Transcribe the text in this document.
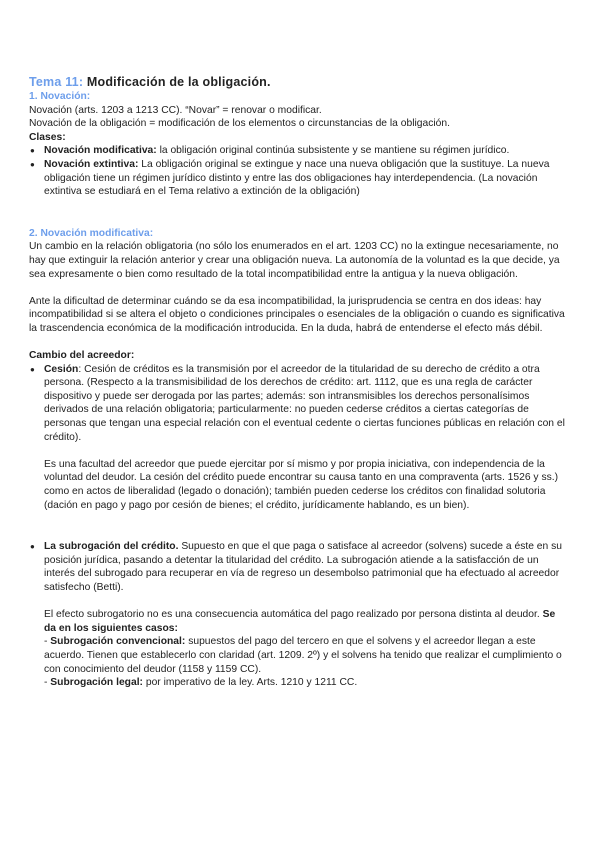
Tema 11: Modificación de la obligación.
1. Novación:

Novación (arts. 1203 a 1213 CC). “Novar” = renovar o modificar.

Novación de la obligación = modificación de los elementos o circunstancias de la obligación.

Clases:

● Novación modificativa: la obligación original continúa subsistente y se mantiene su régimen jurídico.
● Novación extintiva: La obligación original se extingue y nace una nueva obligación que la sustituye. La nueva obligación tiene un régimen jurídico distinto y entre las dos obligaciones hay interdependencia. (La novación extintiva se estudiará en el Tema relativo a extinción de la obligación)
2. Novación modificativa:

Un cambio en la relación obligatoria (no sólo los enumerados en el art. 1203 CC) no la extingue necesariamente, no hay que extinguir la relación anterior y crear una obligación nueva. La autonomía de la voluntad es la que decide, ya sea expresamente o bien como resultado de la total incompatibilidad entre la antigua y la nueva obligación.

Ante la dificultad de determinar cuándo se da esa incompatibilidad, la jurisprudencia se centra en dos ideas: hay incompatibilidad si se altera el objeto o condiciones principales o esenciales de la obligación o cuando es significativa la trascendencia económica de la modificación introducida. En la duda, habrá de entenderse el efecto más débil.

Cambio del acreedor:

● Cesión: Cesión de créditos es la transmisión por el acreedor de la titularidad de su derecho de crédito a otra persona. (Respecto a la transmisibilidad de los derechos de crédito: art. 1112, que es una regla de carácter dispositivo y puede ser derogada por las partes; además: son intransmisibles los derechos personalísimos derivados de una relación obligatoria; particularmente: no pueden cederse créditos a ciertas categorías de personas que tengan una especial relación con el eventual cedente o ciertas funciones públicas en relación con el crédito).

Es una facultad del acreedor que puede ejercitar por sí mismo y por propia iniciativa, con independencia de la voluntad del deudor. La cesión del crédito puede encontrar su causa tanto en una compraventa (arts. 1526 y ss.) como en actos de liberalidad (legado o donación); también pueden cederse los créditos con finalidad solutoria (dación en pago y pago por cesión de bienes; el crédito, jurídicamente hablando, es un bien).

● La subrogación del crédito. Supuesto en que el que paga o satisface al acreedor (solvens) sucede a éste en su posición jurídica, pasando a detentar la titularidad del crédito. La subrogación atiende a la satisfacción de un interés del subrogado para recuperar en vía de regreso un desembolso patrimonial que ha efectuado al acreedor satisfecho (Betti).

El efecto subrogatorio no es una consecuencia automática del pago realizado por persona distinta al deudor. Se da en los siguientes casos:

- Subrogación convencional: supuestos del pago del tercero en que el solvens y el acreedor llegan a este acuerdo. Tienen que establecerlo con claridad (art. 1209. 2º) y el solvens ha tenido que realizar el cumplimiento o con conocimiento del deudor (1158 y 1159 CC).

- Subrogación legal: por imperativo de la ley. Arts. 1210 y 1211 CC.
